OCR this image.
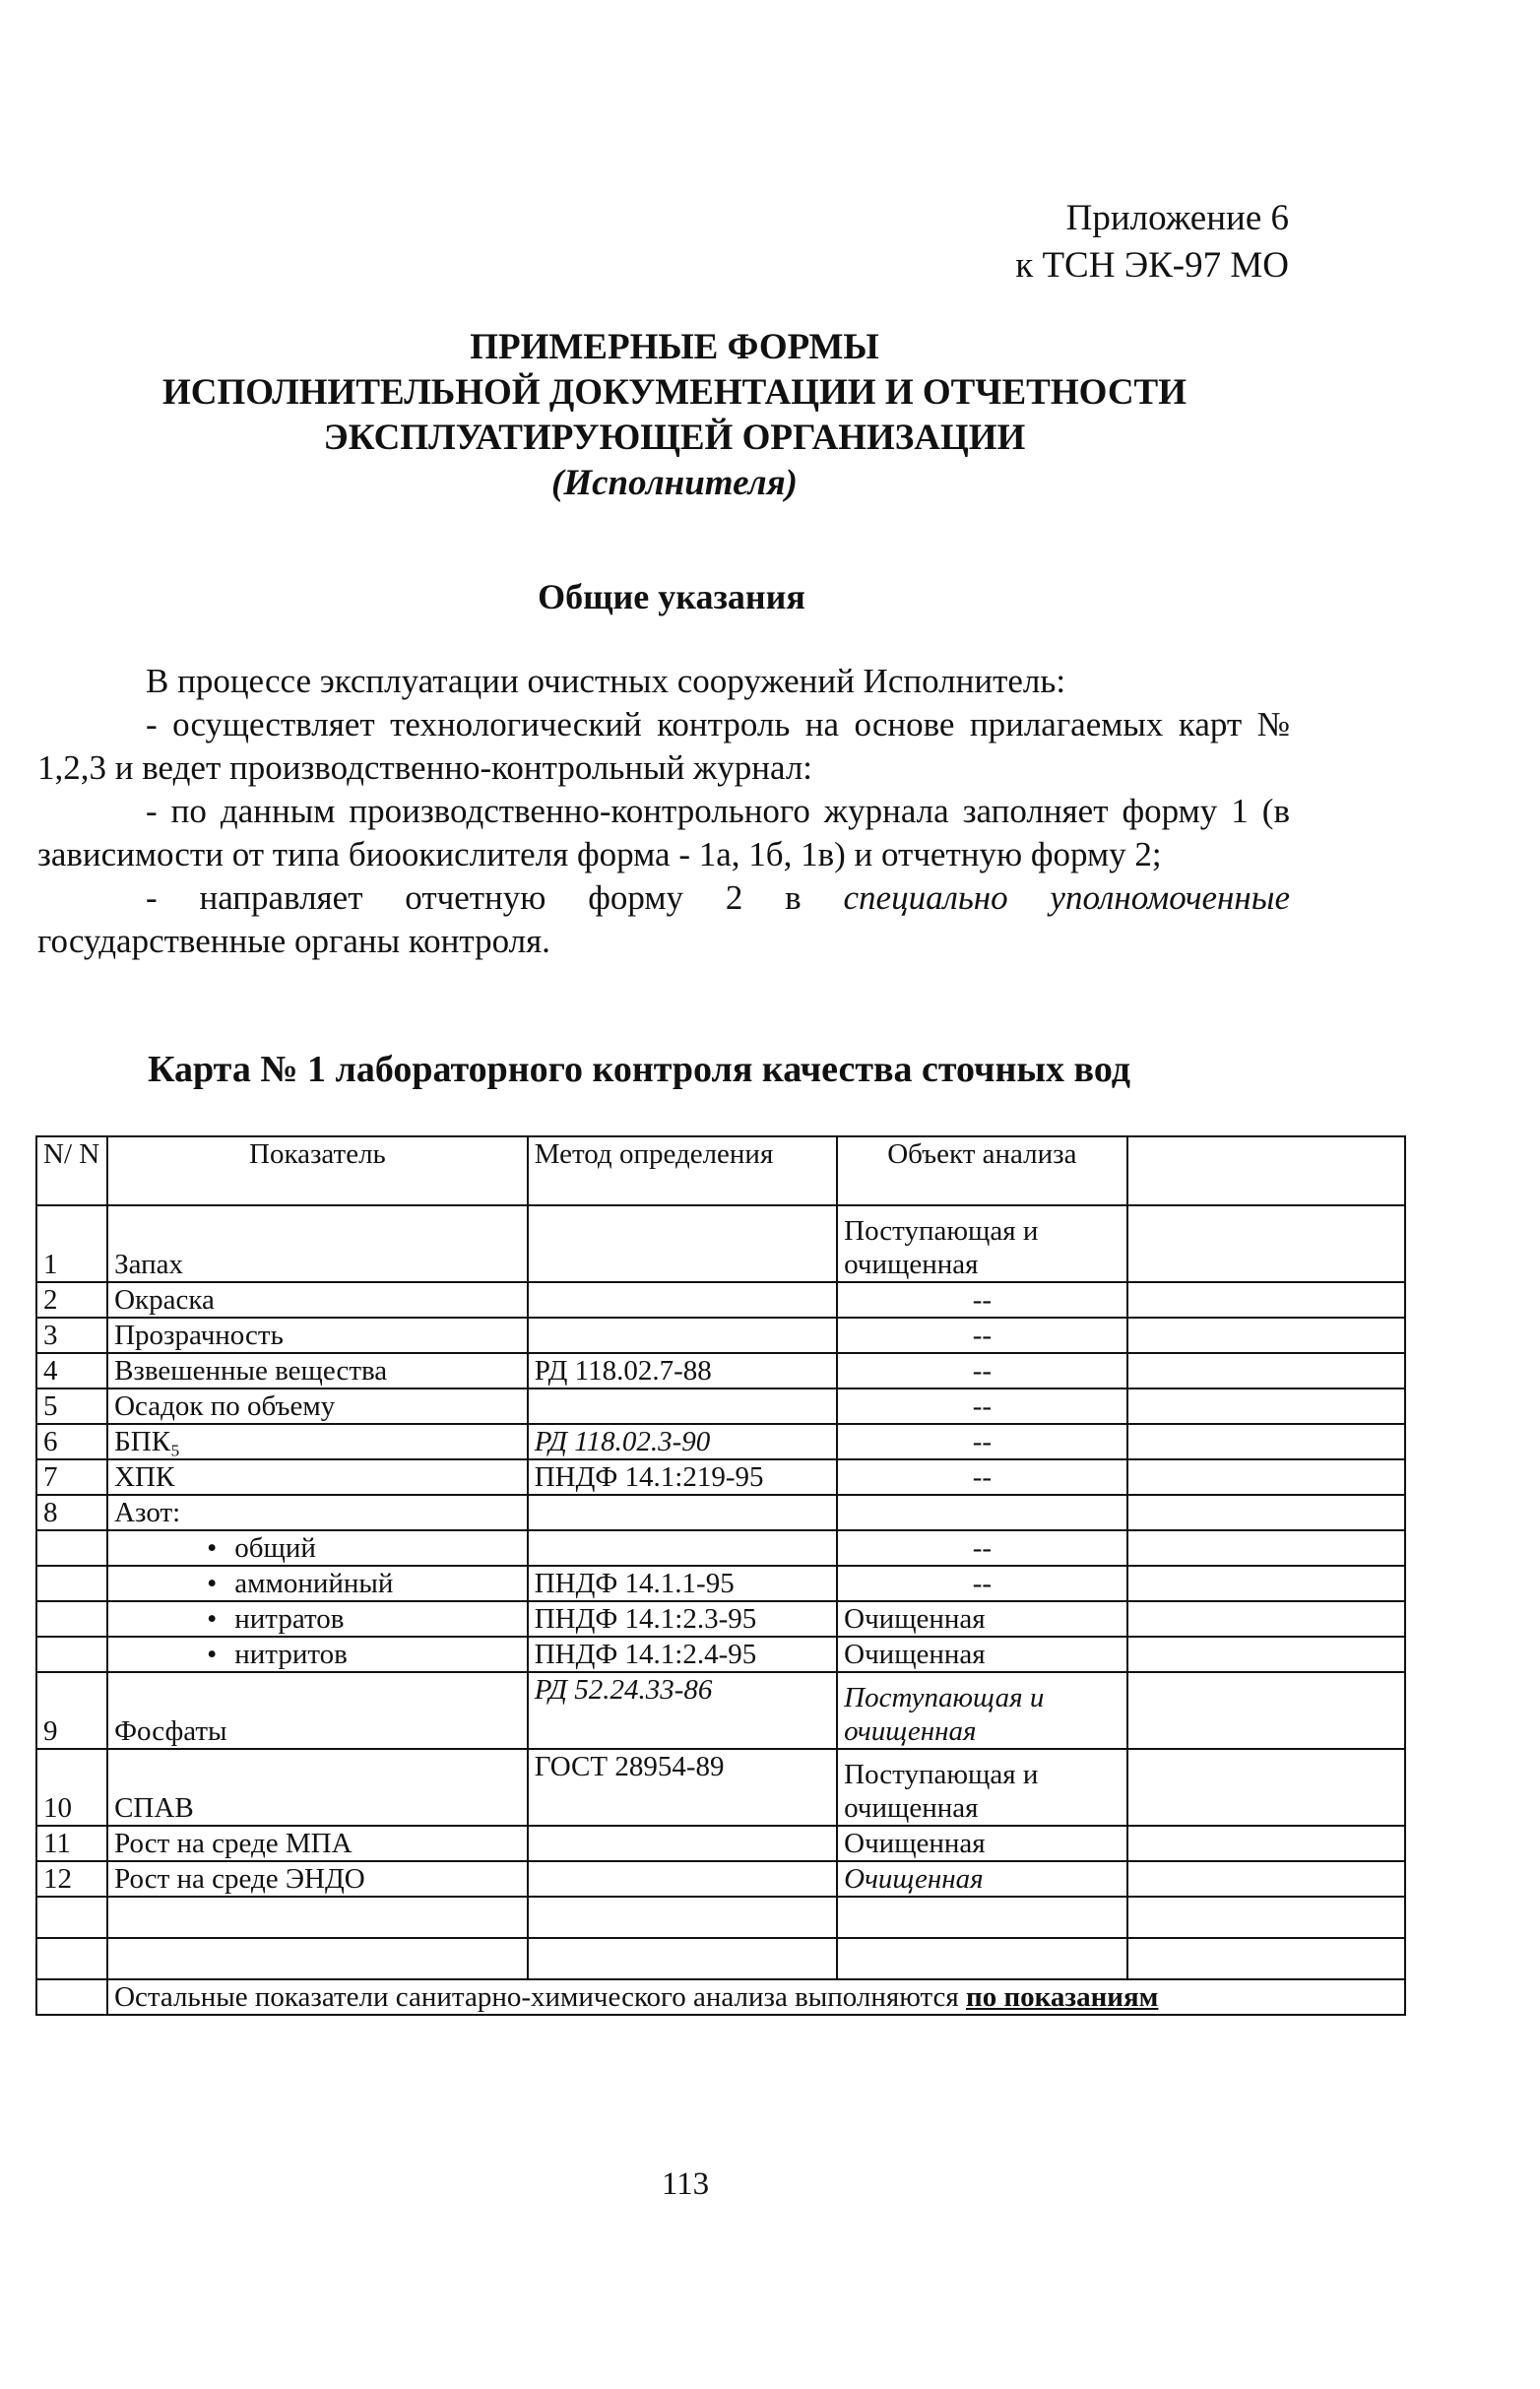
Приложение 6
к ТСН ЭК-97 МО
ПРИМЕРНЫЕ ФОРМЫ
ИСПОЛНИТЕЛЬНОЙ ДОКУМЕНТАЦИИ И ОТЧЕТНОСТИ
ЭКСПЛУАТИРУЮЩЕЙ ОРГАНИЗАЦИИ
(Исполнителя)
Общие указания

В процессе эксплуатации очистных сооружений Исполнитель:

- осуществляет технологический контроль на основе прилагаемых карт № 1,2,3 и ведет производственно-контрольный журнал:

- по данным производственно-контрольного журнала заполняет форму 1 (в зависимости от типа биоокислителя форма - 1а, 1б, 1в) и отчетную форму 2;

- направляет отчетную форму 2 в специально уполномоченные государственные органы контроля.

Карта № 1 лабораторного контроля качества сточных вод
N/ N	Показатель	Метод определения	Объект анализа	
1	Запах		Поступающая и очищенная	
2	Окраска		--	
3	Прозрачность		--	
4	Взвешенные вещества	РД 118.02.7-88	--	
5	Осадок по объему		--	
6	БПК₅	РД 118.02.3-90	--	
7	ХПК	ПНДФ 14.1:219-95	--	
8	Азот:			
	• общий		--	
	• аммонийный	ПНДФ 14.1.1-95	--	
	• нитратов	ПНДФ 14.1:2.3-95	Очищенная	
	• нитритов	ПНДФ 14.1:2.4-95	Очищенная	
9	Фосфаты	РД 52.24.33-86	Поступающая и очищенная	
10	СПАВ	ГОСТ 28954-89	Поступающая и очищенная	
11	Рост на среде МПА		Очищенная	
12	Рост на среде ЭНДО		Очищенная	

	Остальные показатели санитарно-химического анализа выполняются по показаниям			
113
